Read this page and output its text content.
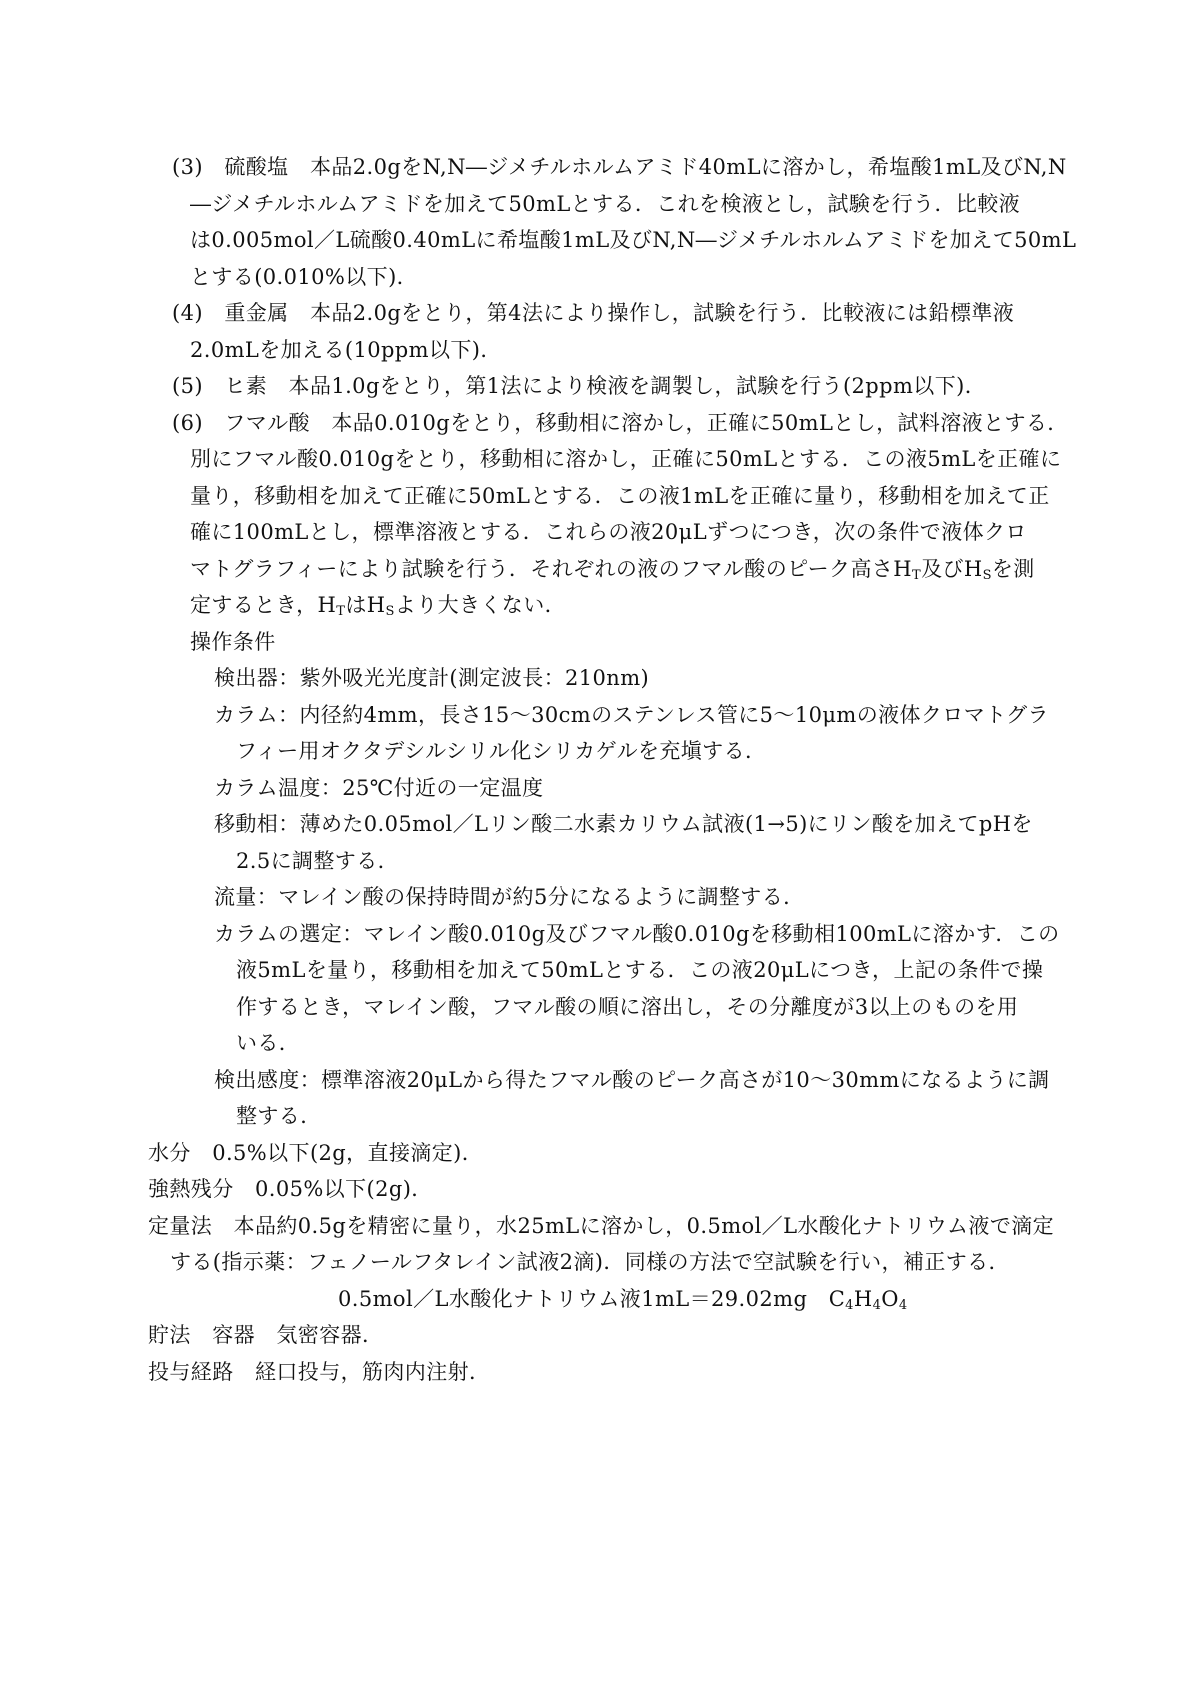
(3)　硫酸塩　本品2.0gをN,N―ジメチルホルムアミド40mLに溶かし，希塩酸1mL及びN,N
―ジメチルホルムアミドを加えて50mLとする．これを検液とし，試験を行う．比較液
は0.005mol／L硫酸0.40mLに希塩酸1mL及びN,N―ジメチルホルムアミドを加えて50mL
とする(0.010%以下)．
(4)　重金属　本品2.0gをとり，第4法により操作し，試験を行う．比較液には鉛標準液
2.0mLを加える(10ppm以下)．
(5)　ヒ素　本品1.0gをとり，第1法により検液を調製し，試験を行う(2ppm以下)．
(6)　フマル酸　本品0.010gをとり，移動相に溶かし，正確に50mLとし，試料溶液とする．
別にフマル酸0.010gをとり，移動相に溶かし，正確に50mLとする．この液5mLを正確に
量り，移動相を加えて正確に50mLとする．この液1mLを正確に量り，移動相を加えて正
確に100mLとし，標準溶液とする．これらの液20μLずつにつき，次の条件で液体クロ
マトグラフィーにより試験を行う．それぞれの液のフマル酸のピーク高さ$H_T$及び$H_S$を測
定するとき，$H_T$は$H_S$より大きくない．
操作条件
検出器：紫外吸光光度計(測定波長：210nm)
カラム：内径約4mm，長さ15～30cmのステンレス管に5～10μmの液体クロマトグラ
フィー用オクタデシルシリル化シリカゲルを充塡する．
カラム温度：25℃付近の一定温度
移動相：薄めた0.05mol／Lリン酸二水素カリウム試液(1→5)にリン酸を加えてpHを
2.5に調整する．
流量：マレイン酸の保持時間が約5分になるように調整する．
カラムの選定：マレイン酸0.010g及びフマル酸0.010gを移動相100mLに溶かす．この
液5mLを量り，移動相を加えて50mLとする．この液20μLにつき，上記の条件で操
作するとき，マレイン酸，フマル酸の順に溶出し，その分離度が3以上のものを用
いる．
検出感度：標準溶液20μLから得たフマル酸のピーク高さが10～30mmになるように調
整する．
水分　0.5%以下(2g，直接滴定)．
強熱残分　0.05%以下(2g)．
定量法　本品約0.5gを精密に量り，水25mLに溶かし，0.5mol／L水酸化ナトリウム液で滴定
する(指示薬：フェノールフタレイン試液2滴)．同様の方法で空試験を行い，補正する．
0.5mol／L水酸化ナトリウム液1mL＝29.02mg　$C_4H_4O_4$
貯法　容器　気密容器．
投与経路　経口投与，筋肉内注射．
